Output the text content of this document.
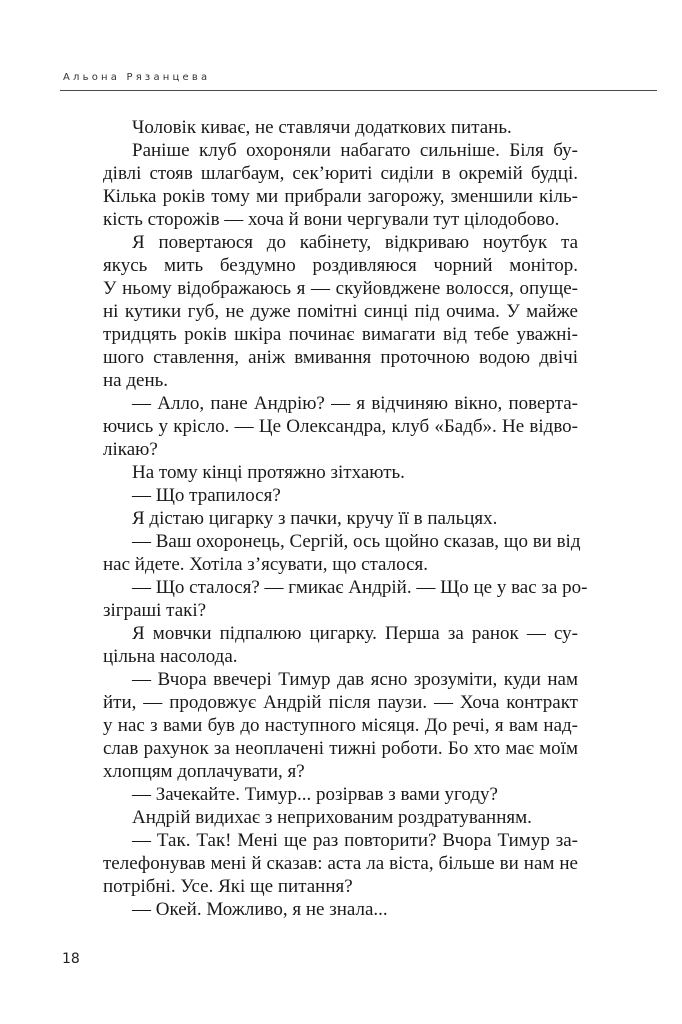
Альона Рязанцева
Чоловік киває, не ставлячи додаткових питань.
Раніше клуб охороняли набагато сильніше. Біля бу-
дівлі стояв шлагбаум, сек’юриті сиділи в окремій будці.
Кілька років тому ми прибрали загорожу, зменшили кіль-
кість сторожів — хоча й вони чергували тут цілодобово.
Я повертаюся до кабінету, відкриваю ноутбук та
якусь мить бездумно роздивляюся чорний монітор.
У ньому відображаюсь я — скуйовджене волосся, опуще-
ні кутики губ, не дуже помітні синці під очима. У майже
тридцять років шкіра починає вимагати від тебе уважні-
шого ставлення, аніж вмивання проточною водою двічі
на день.
— Алло, пане Андрію? — я відчиняю вікно, поверта-
ючись у крісло. — Це Олександра, клуб «Бадб». Не відво-
лікаю?
На тому кінці протяжно зітхають.
— Що трапилося?
Я дістаю цигарку з пачки, кручу її в пальцях.
— Ваш охоронець, Сергій, ось щойно сказав, що ви від
нас йдете. Хотіла з’ясувати, що сталося.
— Що сталося? — гмикає Андрій. — Що це у вас за ро-
зіграші такі?
Я мовчки підпалюю цигарку. Перша за ранок — су-
цільна насолода.
— Вчора ввечері Тимур дав ясно зрозуміти, куди нам
йти, — продовжує Андрій після паузи. — Хоча контракт
у нас з вами був до наступного місяця. До речі, я вам над-
слав рахунок за неоплачені тижні роботи. Бо хто має моїм
хлопцям доплачувати, я?
— Зачекайте. Тимур... розірвав з вами угоду?
Андрій видихає з неприхованим роздратуванням.
— Так. Так! Мені ще раз повторити? Вчора Тимур за-
телефонував мені й сказав: аста ла віста, більше ви нам не
потрібні. Усе. Які ще питання?
— Окей. Можливо, я не знала...
18
